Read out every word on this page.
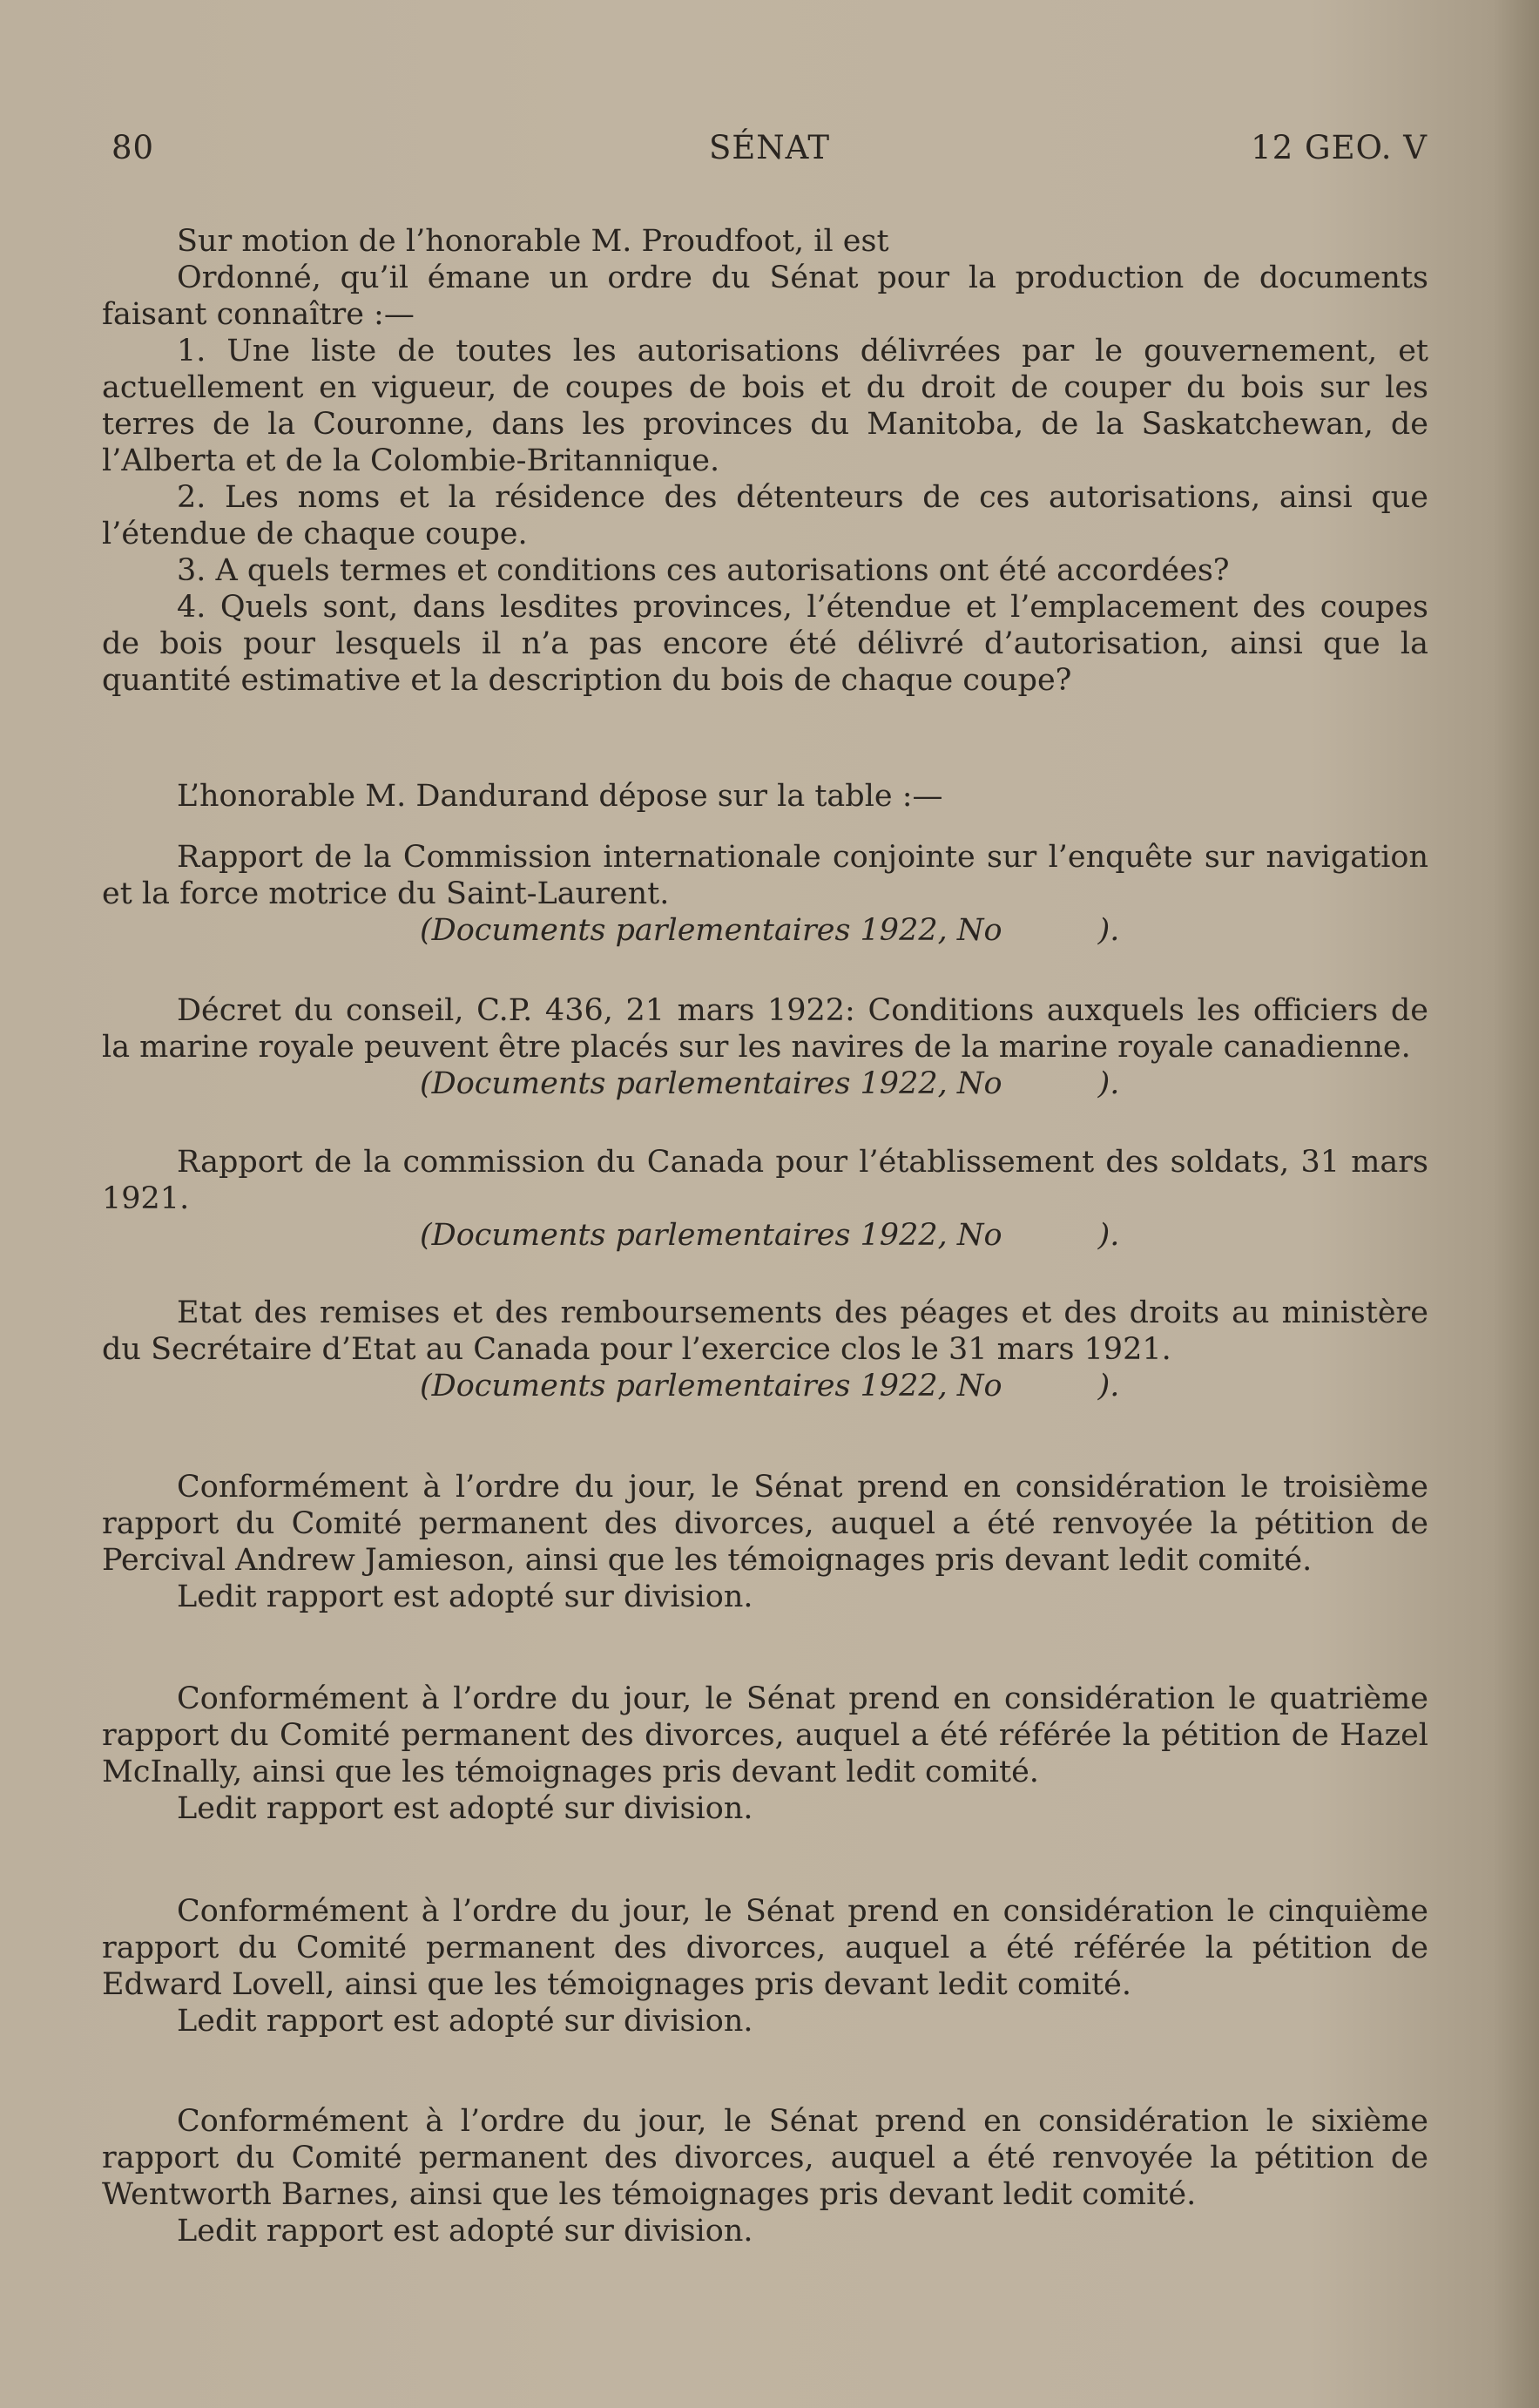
80	SÉNAT	12 GEO. V

Sur motion de l’honorable M. Proudfoot, il est

Ordonné, qu’il émane un ordre du Sénat pour la production de documents faisant connaître :—

1. Une liste de toutes les autorisations délivrées par le gouvernement, et actuellement en vigueur, de coupes de bois et du droit de couper du bois sur les terres de la Couronne, dans les provinces du Manitoba, de la Saskatchewan, de l’Alberta et de la Colombie-Britannique.

2. Les noms et la résidence des détenteurs de ces autorisations, ainsi que l’étendue de chaque coupe.

3. A quels termes et conditions ces autorisations ont été accordées?

4. Quels sont, dans lesdites provinces, l’étendue et l’emplacement des coupes de bois pour lesquels il n’a pas encore été délivré d’autorisation, ainsi que la quantité estimative et la description du bois de chaque coupe?

L’honorable M. Dandurand dépose sur la table :—

Rapport de la Commission internationale conjointe sur l’enquête sur navigation et la force motrice du Saint-Laurent.

(Documents parlementaires 1922, No	).

Décret du conseil, C.P. 436, 21 mars 1922: Conditions auxquels les officiers de la marine royale peuvent être placés sur les navires de la marine royale canadienne.

(Documents parlementaires 1922, No	).

Rapport de la commission du Canada pour l’établissement des soldats, 31 mars 1921.

(Documents parlementaires 1922, No	).

Etat des remises et des remboursements des péages et des droits au ministère du Secrétaire d’Etat au Canada pour l’exercice clos le 31 mars 1921.

(Documents parlementaires 1922, No	).

Conformément à l’ordre du jour, le Sénat prend en considération le troisième rapport du Comité permanent des divorces, auquel a été renvoyée la pétition de Percival Andrew Jamieson, ainsi que les témoignages pris devant ledit comité.

Ledit rapport est adopté sur division.

Conformément à l’ordre du jour, le Sénat prend en considération le quatrième rapport du Comité permanent des divorces, auquel a été référée la pétition de Hazel McInally, ainsi que les témoignages pris devant ledit comité.

Ledit rapport est adopté sur division.

Conformément à l’ordre du jour, le Sénat prend en considération le cinquième rapport du Comité permanent des divorces, auquel a été référée la pétition de Edward Lovell, ainsi que les témoignages pris devant ledit comité.

Ledit rapport est adopté sur division.

Conformément à l’ordre du jour, le Sénat prend en considération le sixième rapport du Comité permanent des divorces, auquel a été renvoyée la pétition de Wentworth Barnes, ainsi que les témoignages pris devant ledit comité.

Ledit rapport est adopté sur division.
